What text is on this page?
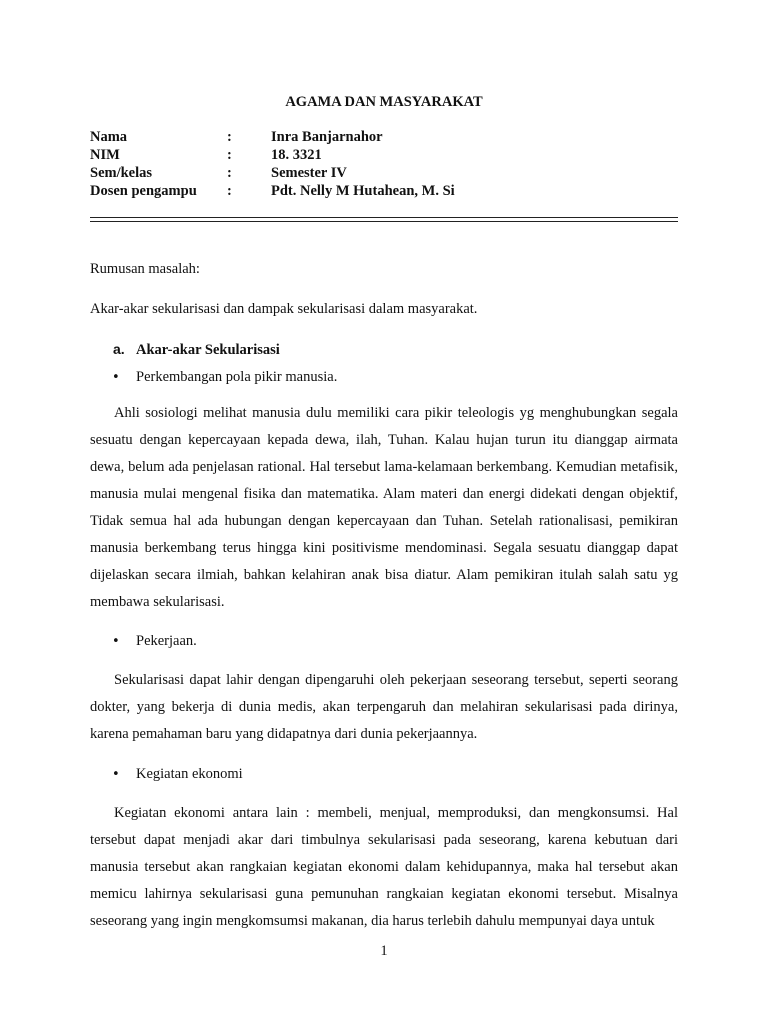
AGAMA DAN MASYARAKAT
Nama	:	Inra Banjarnahor
NIM	:	18. 3321
Sem/kelas	:	Semester IV
Dosen pengampu	:	Pdt. Nelly M Hutahean, M. Si
Rumusan masalah:
Akar-akar sekularisasi dan dampak sekularisasi dalam masyarakat.
a. Akar-akar Sekularisasi
• Perkembangan pola pikir manusia.
Ahli sosiologi melihat manusia dulu memiliki cara pikir teleologis yg menghubungkan segala sesuatu dengan kepercayaan kepada dewa, ilah, Tuhan. Kalau hujan turun itu dianggap airmata dewa, belum ada penjelasan rational. Hal tersebut lama-kelamaan berkembang. Kemudian metafisik, manusia mulai mengenal fisika dan matematika. Alam materi dan energi didekati dengan objektif, Tidak semua hal ada hubungan dengan kepercayaan dan Tuhan. Setelah rationalisasi, pemikiran manusia berkembang terus hingga kini positivisme mendominasi. Segala sesuatu dianggap dapat dijelaskan secara ilmiah, bahkan kelahiran anak bisa diatur. Alam pemikiran itulah salah satu yg membawa sekularisasi.
• Pekerjaan.
Sekularisasi dapat lahir dengan dipengaruhi oleh pekerjaan seseorang tersebut, seperti seorang dokter, yang bekerja di dunia medis, akan terpengaruh dan melahiran sekularisasi pada dirinya, karena pemahaman baru yang didapatnya dari dunia pekerjaannya.
• Kegiatan ekonomi
Kegiatan ekonomi antara lain : membeli, menjual, memproduksi, dan mengkonsumsi. Hal tersebut dapat menjadi akar dari timbulnya sekularisasi pada seseorang, karena kebutuan dari manusia tersebut akan rangkaian kegiatan ekonomi dalam kehidupannya, maka hal tersebut akan memicu lahirnya sekularisasi guna pemunuhan rangkaian kegiatan ekonomi tersebut. Misalnya seseorang yang ingin mengkomsumsi makanan, dia harus terlebih dahulu mempunyai daya untuk
1
